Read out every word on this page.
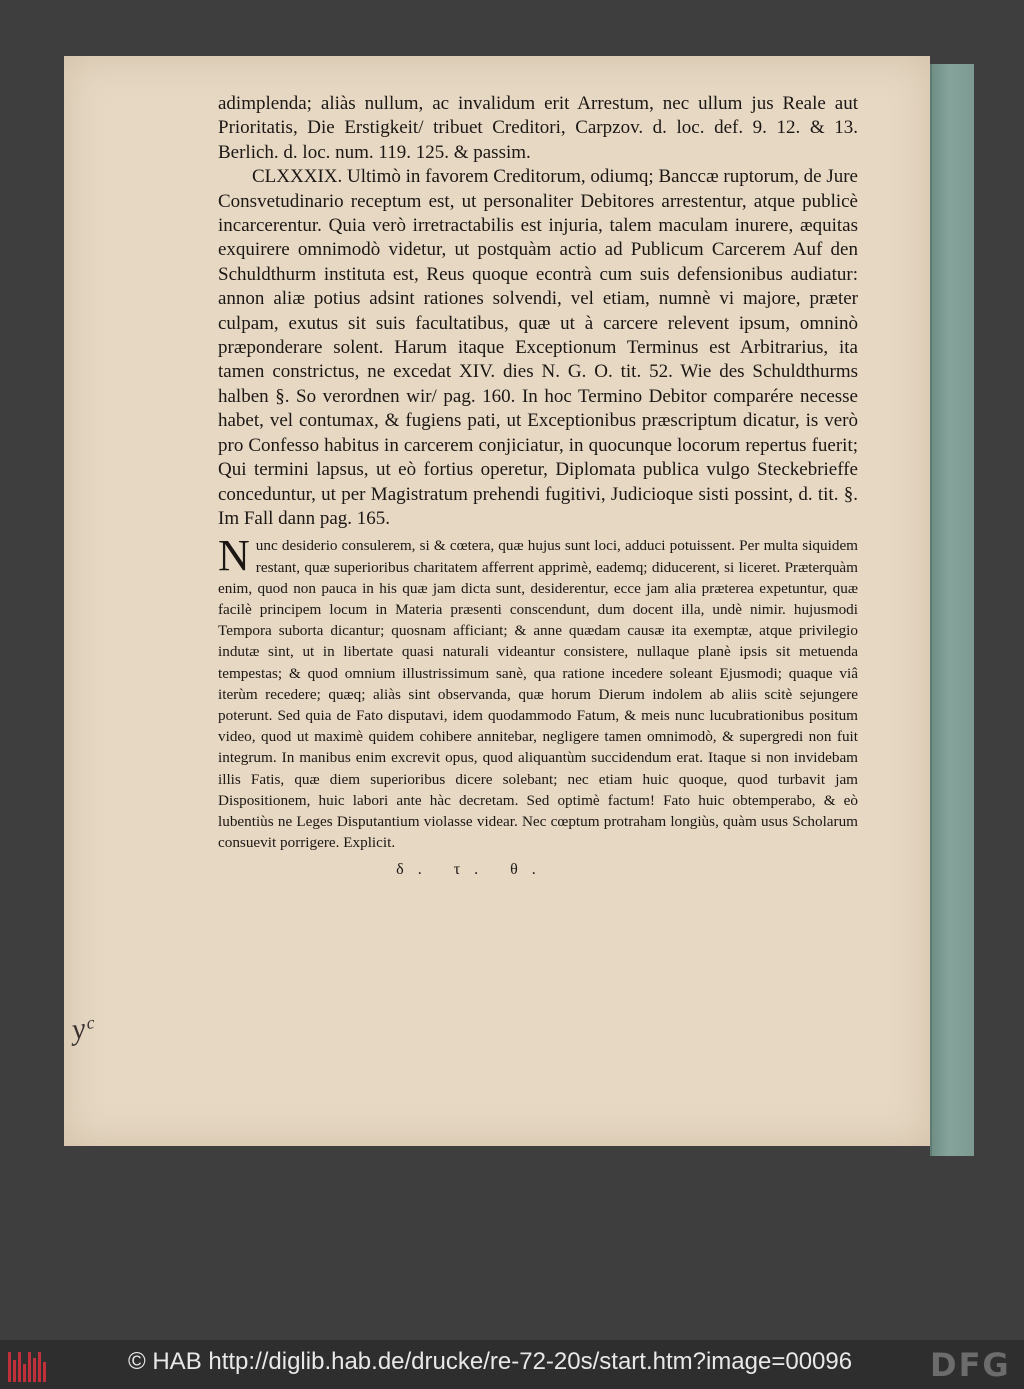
yᶜ

adimplenda; aliàs nullum, ac invalidum erit Arrestum, nec ullum jus Reale aut Prioritatis, Die Erstigkeit/ tribuet Creditori, Carpzov. d. loc. def. 9. 12. & 13. Berlich. d. loc. num. 119. 125. & passim.

CLXXXIX. Ultimò in favorem Creditorum, odiumq; Banccæ ruptorum, de Jure Consvetudinario receptum est, ut personaliter Debitores arrestentur, atque publicè incarcerentur. Quia verò irretractabilis est injuria, talem maculam inurere, æquitas exquirere omnimodò videtur, ut postquàm actio ad Publicum Carcerem Auf den Schuldthurm instituta est, Reus quoque econtrà cum suis defensionibus audiatur: annon aliæ potius adsint rationes solvendi, vel etiam, numnè vi majore, præter culpam, exutus sit suis facultatibus, quæ ut à carcere relevent ipsum, omninò præponderare solent. Harum itaque Exceptionum Terminus est Arbitrarius, ita tamen constrictus, ne excedat XIV. dies N. G. O. tit. 52. Wie des Schuldthurms halben §. So verordnen wir/ pag. 160. In hoc Termino Debitor comparére necesse habet, vel contumax, & fugiens pati, ut Exceptionibus præscriptum dicatur, is verò pro Confesso habitus in carcerem conjiciatur, in quocunque locorum repertus fuerit; Qui termini lapsus, ut eò fortius operetur, Diplomata publica vulgo Steckebrieffe conceduntur, ut per Magistratum prehendi fugitivi, Judicioque sisti possint, d. tit. §. Im Fall dann pag. 165.

Nunc desiderio consulerem, si & cœtera, quæ hujus sunt loci, adduci potuissent. Per multa siquidem restant, quæ superioribus charitatem afferrent apprimè, eademq; diducerent, si liceret. Præterquàm enim, quod non pauca in his quæ jam dicta sunt, desiderentur, ecce jam alia præterea expetuntur, quæ facilè principem locum in Materia præsenti conscendunt, dum docent illa, undè nimir. hujusmodi Tempora suborta dicantur; quosnam afficiant; & anne quædam causæ ita exemptæ, atque privilegio indutæ sint, ut in libertate quasi naturali videantur consistere, nullaque planè ipsis sit metuenda tempestas; & quod omnium illustrissimum sanè, qua ratione incedere soleant Ejusmodi; quaque viâ iterùm recedere; quæq; aliàs sint observanda, quæ horum Dierum indolem ab aliis scitè sejungere poterunt. Sed quia de Fato disputavi, idem quodammodo Fatum, & meis nunc lucubrationibus positum video, quod ut maximè quidem cohibere annitebar, negligere tamen omnimodò, & supergredi non fuit integrum. In manibus enim excrevit opus, quod aliquantùm succidendum erat. Itaque si non invidebam illis Fatis, quæ diem superioribus dicere solebant; nec etiam huic quoque, quod turbavit jam Dispositionem, huic labori ante hàc decretam. Sed optimè factum! Fato huic obtemperabo, & eò lubentiùs ne Leges Disputantium violasse videar. Nec cœptum protraham longiùs, quàm usus Scholarum consuevit porrigere. Explicit.

δ. τ. θ.
© HAB http://diglib.hab.de/drucke/re-72-20s/start.htm?image=00096 DFG
